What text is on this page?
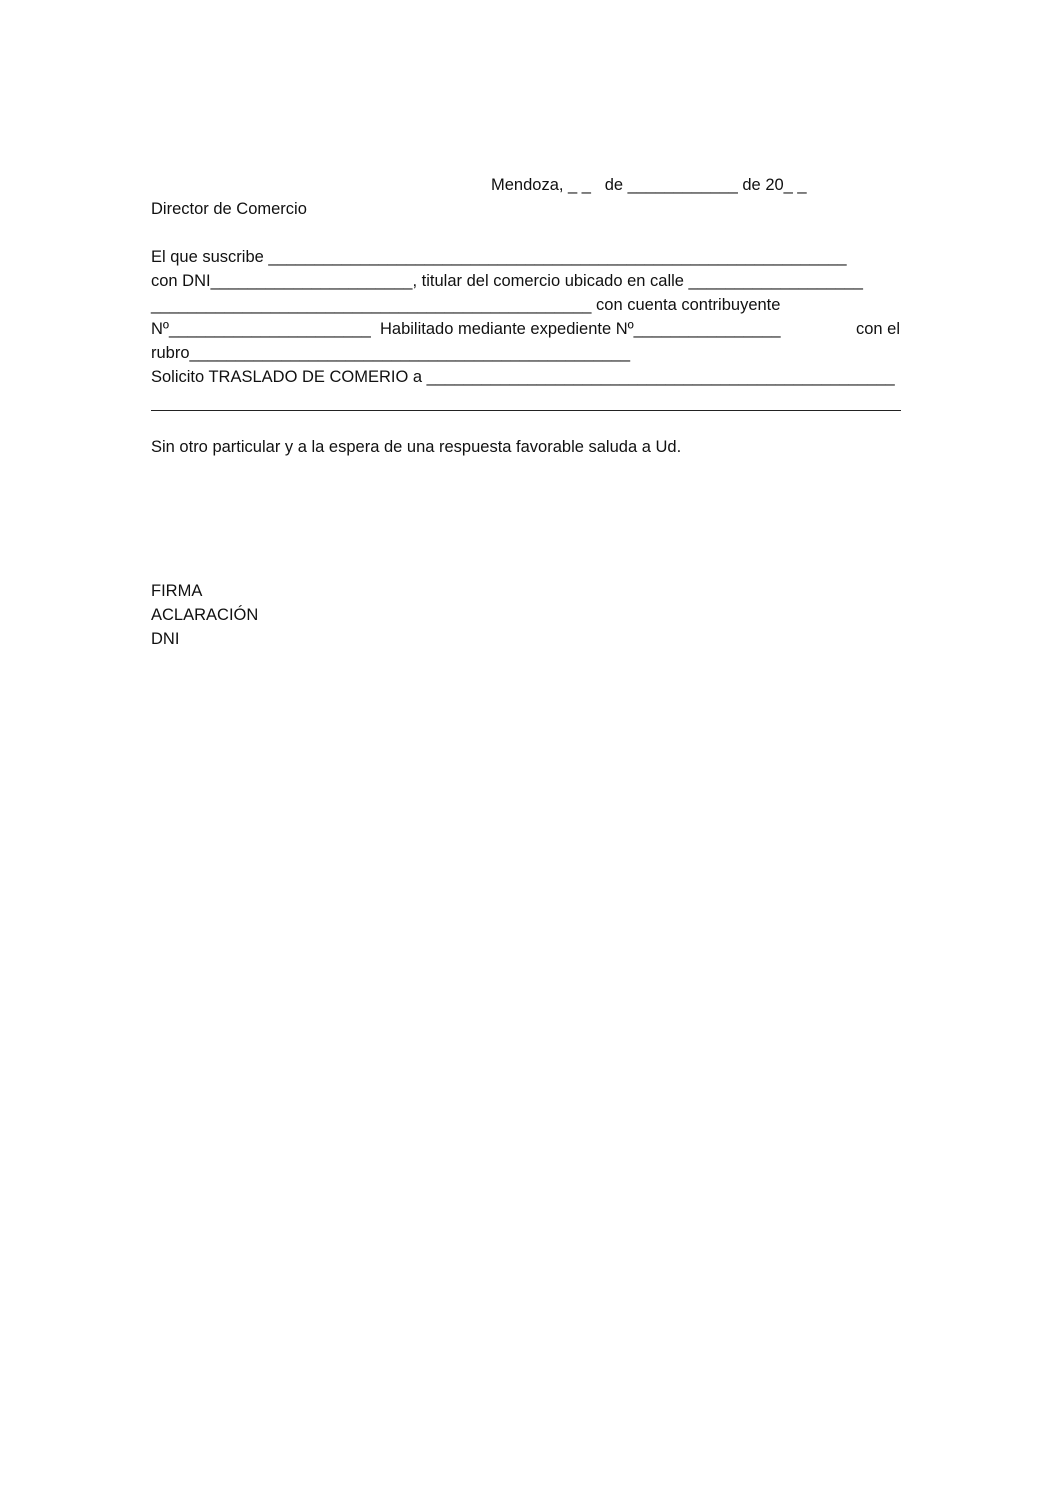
Mendoza, _ _   de ____________ de 20_ _
Director de Comercio
El que suscribe _______________________________________________________________
con DNI______________________, titular del comercio ubicado en calle ___________________
________________________________________________ con cuenta contribuyente
Nº______________________  Habilitado mediante expediente Nº________________	con el
rubro________________________________________________
Solicito TRASLADO DE COMERIO a ___________________________________________________
Sin otro particular y a la espera de una respuesta favorable saluda a Ud.
FIRMA
ACLARACIÓN
DNI
